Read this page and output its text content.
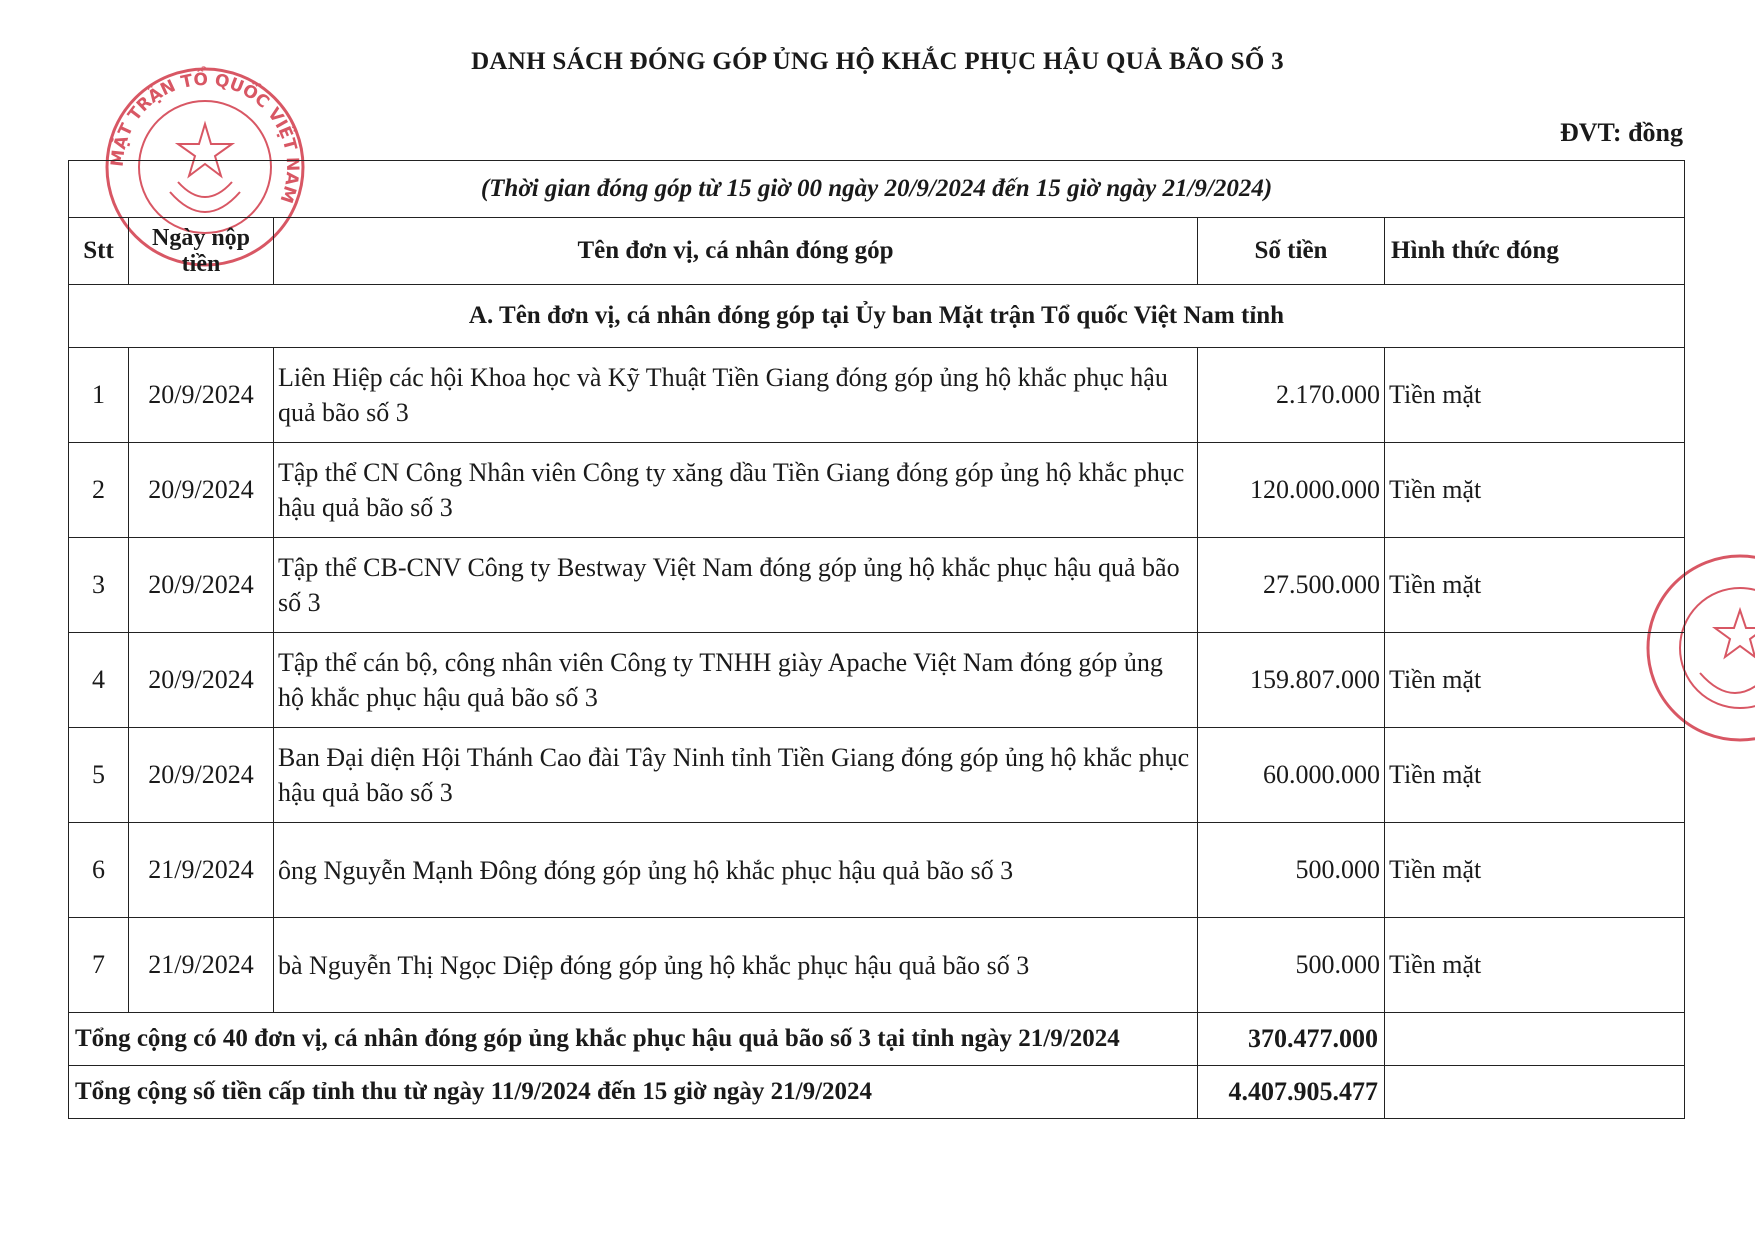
MẶT TRẬN TỔ QUỐC VIỆT NAM
DANH SÁCH ĐÓNG GÓP ỦNG HỘ KHẮC PHỤC HẬU QUẢ BÃO SỐ 3
ĐVT: đồng
(Thời gian đóng góp từ 15 giờ 00 ngày 20/9/2024 đến 15 giờ ngày 21/9/2024)				
Stt	Ngày nộp tiền	Tên đơn vị, cá nhân đóng góp	Số tiền	Hình thức đóng
A. Tên đơn vị, cá nhân đóng góp tại Ủy ban Mặt trận Tổ quốc Việt Nam tỉnh				
1	20/9/2024	Liên Hiệp các hội Khoa học và Kỹ Thuật Tiền Giang đóng góp ủng hộ khắc phục hậu quả bão số 3	2.170.000	Tiền mặt
2	20/9/2024	Tập thể CN Công Nhân viên Công ty xăng dầu Tiền Giang đóng góp ủng hộ khắc phục hậu quả bão số 3	120.000.000	Tiền mặt
3	20/9/2024	Tập thể CB-CNV Công ty Bestway Việt Nam đóng góp ủng hộ khắc phục hậu quả bão số 3	27.500.000	Tiền mặt
4	20/9/2024	Tập thể cán bộ, công nhân viên Công ty TNHH giày Apache Việt Nam đóng góp ủng hộ khắc phục hậu quả bão số 3	159.807.000	Tiền mặt
5	20/9/2024	Ban Đại diện Hội Thánh Cao đài Tây Ninh tỉnh Tiền Giang đóng góp ủng hộ khắc phục hậu quả bão số 3	60.000.000	Tiền mặt
6	21/9/2024	ông Nguyễn Mạnh Đông đóng góp ủng hộ khắc phục hậu quả bão số 3	500.000	Tiền mặt
7	21/9/2024	bà Nguyễn Thị Ngọc Diệp đóng góp ủng hộ khắc phục hậu quả bão số 3	500.000	Tiền mặt
Tổng cộng có 40 đơn vị, cá nhân đóng góp ủng khắc phục hậu quả bão số 3 tại tỉnh ngày 21/9/2024			370.477.000	
Tổng cộng số tiền cấp tỉnh thu từ ngày 11/9/2024 đến 15 giờ ngày 21/9/2024			4.407.905.477	
